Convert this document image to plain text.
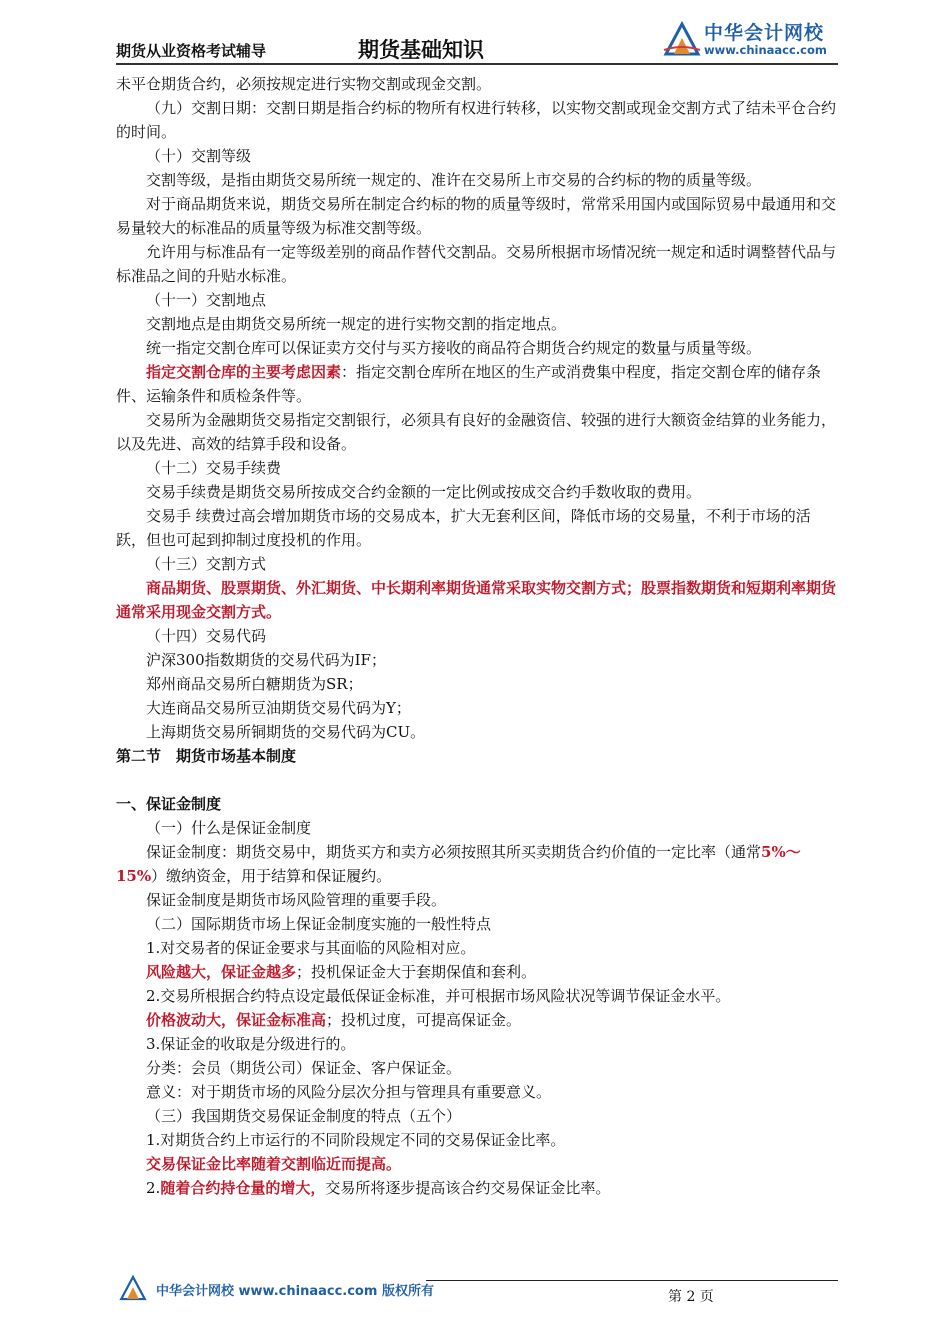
期货从业资格考试辅导	期货基础知识
中华会计网校
www.chinaacc.com

未平仓期货合约，必须按规定进行实物交割或现金交割。

（九）交割日期：交割日期是指合约标的物所有权进行转移，以实物交割或现金交割方式了结未平仓合约的时间。

（十）交割等级

交割等级，是指由期货交易所统一规定的、准许在交易所上市交易的合约标的物的质量等级。

对于商品期货来说，期货交易所在制定合约标的物的质量等级时，常常采用国内或国际贸易中最通用和交易量较大的标准品的质量等级为标准交割等级。

允许用与标准品有一定等级差别的商品作替代交割品。交易所根据市场情况统一规定和适时调整替代品与标准品之间的升贴水标准。

（十一）交割地点

交割地点是由期货交易所统一规定的进行实物交割的指定地点。

统一指定交割仓库可以保证卖方交付与买方接收的商品符合期货合约规定的数量与质量等级。

指定交割仓库的主要考虑因素：指定交割仓库所在地区的生产或消费集中程度，指定交割仓库的储存条件、运输条件和质检条件等。

交易所为金融期货交易指定交割银行，必须具有良好的金融资信、较强的进行大额资金结算的业务能力，以及先进、高效的结算手段和设备。

（十二）交易手续费

交易手续费是期货交易所按成交合约金额的一定比例或按成交合约手数收取的费用。

交易手 续费过高会增加期货市场的交易成本，扩大无套利区间，降低市场的交易量，不利于市场的活跃，但也可起到抑制过度投机的作用。

（十三）交割方式

商品期货、股票期货、外汇期货、中长期利率期货通常采取实物交割方式；股票指数期货和短期利率期货通常采用现金交割方式。

（十四）交易代码

沪深300指数期货的交易代码为IF；

郑州商品交易所白糖期货为SR；

大连商品交易所豆油期货交易代码为Y；

上海期货交易所铜期货的交易代码为CU。

第二节　期货市场基本制度

一、保证金制度

（一）什么是保证金制度

保证金制度：期货交易中，期货买方和卖方必须按照其所买卖期货合约价值的一定比率（通常5%～15%）缴纳资金，用于结算和保证履约。

保证金制度是期货市场风险管理的重要手段。

（二）国际期货市场上保证金制度实施的一般性特点

1.对交易者的保证金要求与其面临的风险相对应。

风险越大，保证金越多；投机保证金大于套期保值和套利。

2.交易所根据合约特点设定最低保证金标准，并可根据市场风险状况等调节保证金水平。

价格波动大，保证金标准高；投机过度，可提高保证金。

3.保证金的收取是分级进行的。

分类：会员（期货公司）保证金、客户保证金。

意义：对于期货市场的风险分层次分担与管理具有重要意义。

（三）我国期货交易保证金制度的特点（五个）

1.对期货合约上市运行的不同阶段规定不同的交易保证金比率。

交易保证金比率随着交割临近而提高。

2.随着合约持仓量的增大，交易所将逐步提高该合约交易保证金比率。

中华会计网校 www.chinaacc.com 版权所有	第 2 页
